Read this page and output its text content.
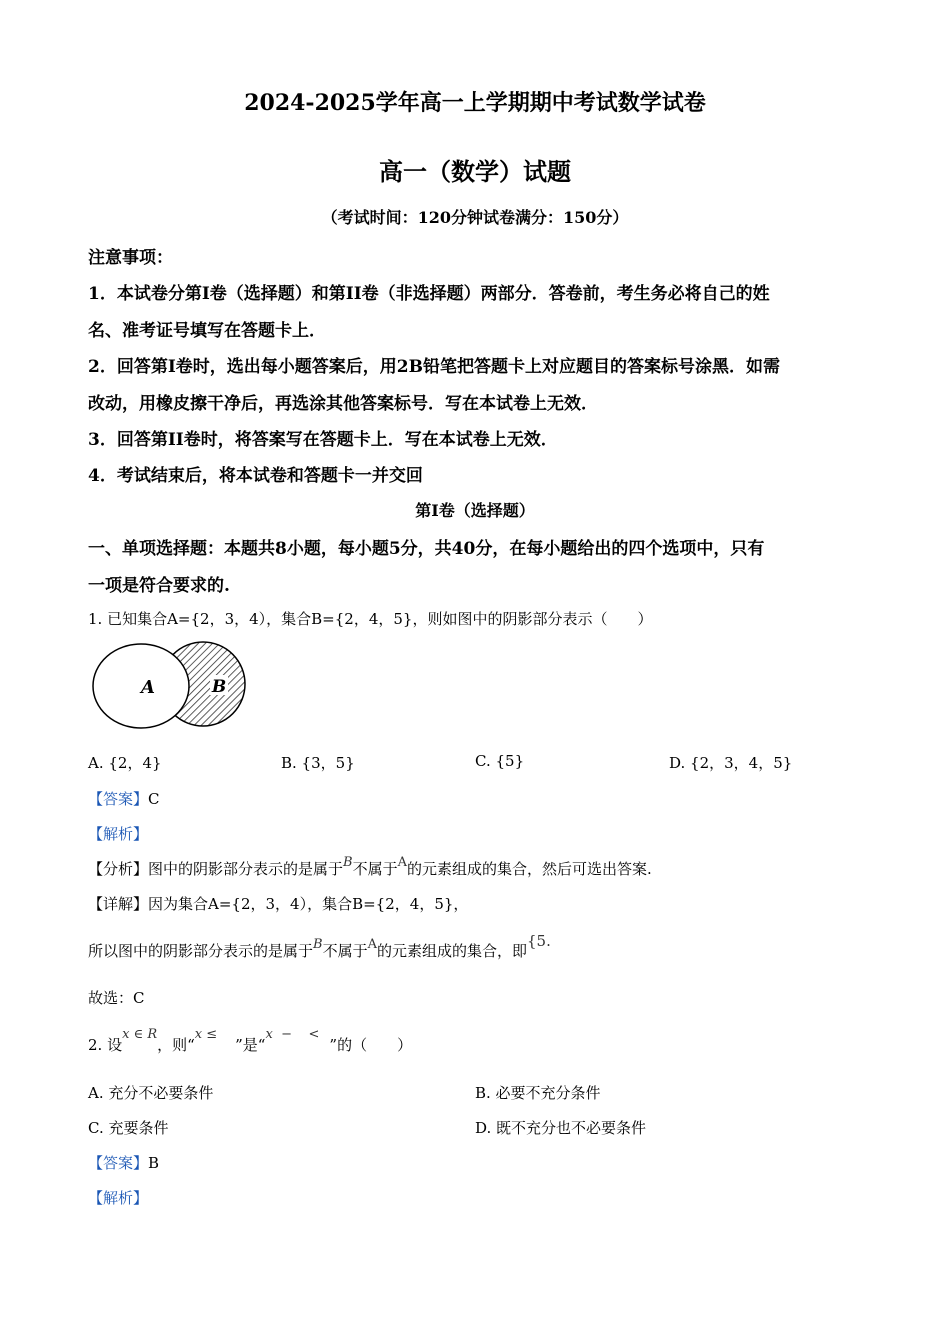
2024-2025学年高一上学期期中考试数学试卷
高一（数学）试题
（考试时间：120分钟试卷满分：150分）
注意事项：
1．本试卷分第I卷（选择题）和第II卷（非选择题）两部分．答卷前，考生务必将自己的姓
名、准考证号填写在答题卡上．
2．回答第I卷时，选出每小题答案后，用2B铅笔把答题卡上对应题目的答案标号涂黑．如需
改动，用橡皮擦干净后，再选涂其他答案标号．写在本试卷上无效．
3．回答第II卷时，将答案写在答题卡上．写在本试卷上无效．
4．考试结束后，将本试卷和答题卡一并交回
第I卷（选择题）
一、单项选择题：本题共8小题，每小题5分，共40分，在每小题给出的四个选项中，只有
一项是符合要求的.
1. 已知集合A={2，3，4），集合B={2，4，5}，则如图中的阴影部分表示（　　）
A	B
A. {2，4}	B. {3，5}	C. {5}	D. {2，3，4，5}
【答案】C
【解析】
【分析】图中的阴影部分表示的是属于B不属于A的元素组成的集合，然后可选出答案.
【详解】因为集合A={2，3，4），集合B={2，4，5}，
所以图中的阴影部分表示的是属于B不属于A的元素组成的集合，即{5.
故选：C
2. 设x ∈ R，则“x ≤”是“x  −    <”的（　　）
A. 充分不必要条件	B. 必要不充分条件
C. 充要条件	D. 既不充分也不必要条件
【答案】B
【解析】
